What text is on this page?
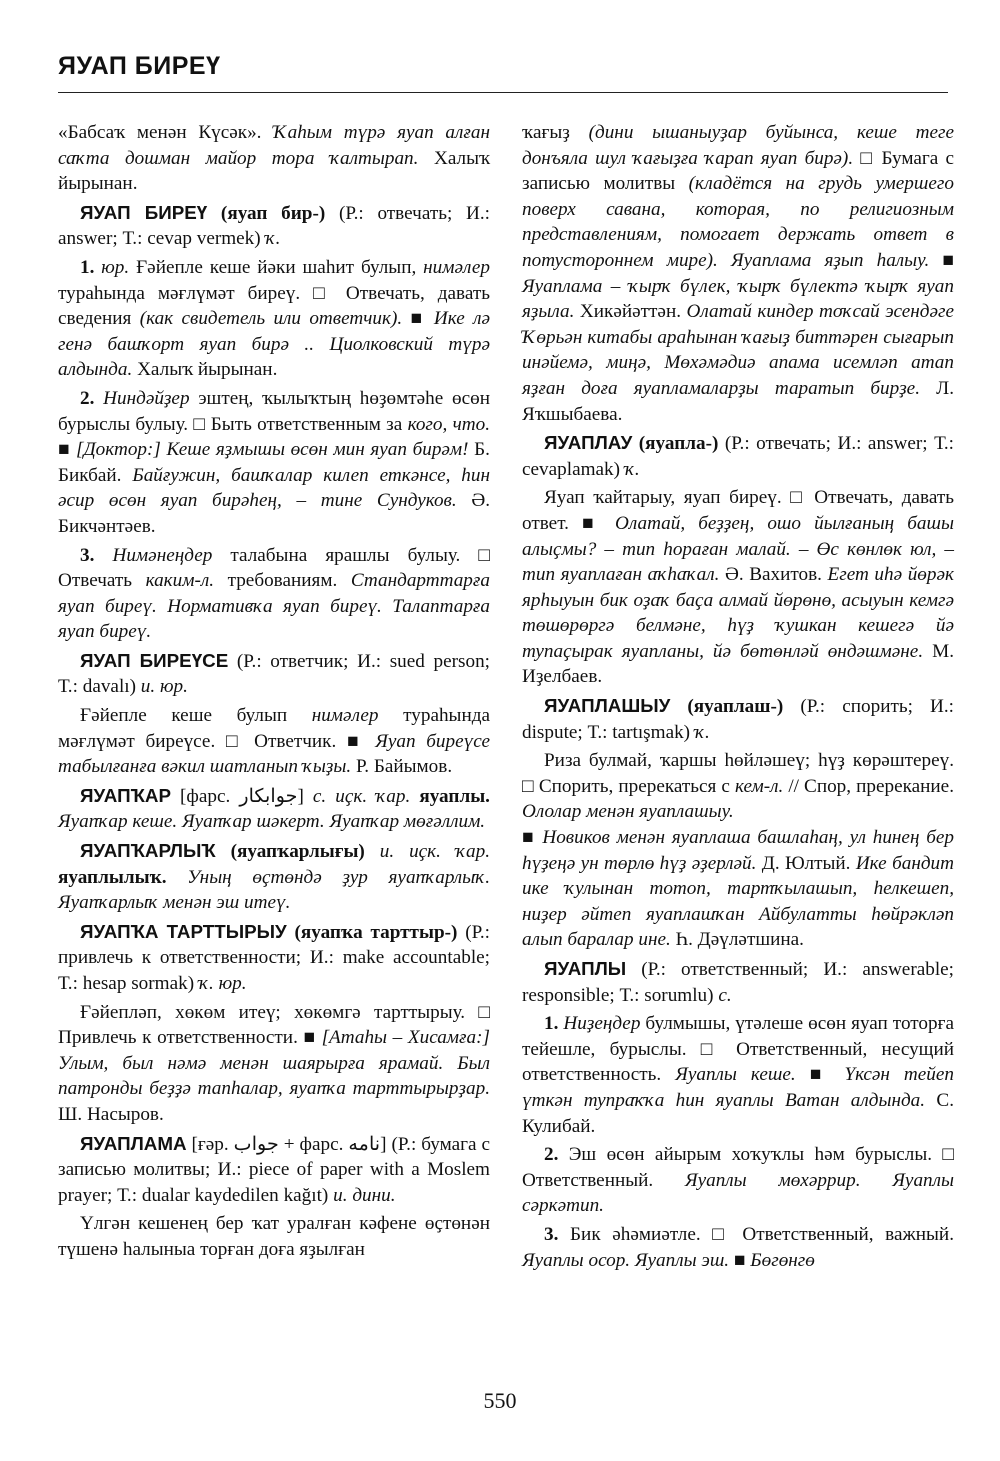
ЯУАП БИРЕҮ

«Бабсаҡ менән Күсәк». Ҡаһым түрә яуап алған саҡта дошман майор тора ҡалтырап. Халыҡ йырынан.

ЯУАП БИРЕҮ (яуап бир-) (Р.: отвечать; И.: answer; Т.: cevap vermek) ҡ.

1. юр. Ғәйепле кеше йәки шаһит булып, нимәлер тураһында мәғлүмәт биреү. □ Отвечать, давать сведения (как свидетель или ответчик). ■ Ике лә генә башҡорт яуап бирә .. Циолковский түрә алдында. Халыҡ йырынан.

2. Ниндәйҙер эштең, ҡылыҡтың һөҙөмтәһе өсөн бурыслы булыу. □ Быть ответственным за кого, что. ■ [Доктор:] Кеше яҙмышы өсөн мин яуап бирәм! Б. Бикбай. Байғужин, башҡалар килеп еткәнсе, һин әсир өсөн яуап бирәһең, – тине Сундуков. Ә. Бикчәнтәев.

3. Нимәнеңдер талабына ярашлы булыу. □ Отвечать каким-л. требованиям. Стандарттарға яуап биреү. Нормативҡа яуап биреү. Талаптарға яуап биреү.

ЯУАП БИРЕҮСЕ (Р.: ответчик; И.: sued person; Т.: davalı) и. юр.

Ғәйепле кеше булып нимәлер тураһында мәғлүмәт биреүсе. □ Ответчик. ■ Яуап биреүсе табылғанға вәкил шатланып ҡыҙы. Р. Байымов.

ЯУАПҠАР [фарс. جوابكار] с. иҫк. ҡар. яуаплы. Яуапҡар кеше. Яуапҡар шәкерт. Яуапҡар мөғәллим.

ЯУАПҠАРЛЫҠ (яуапҡарлығы) и. иҫк. ҡар. яуаплылыҡ. Уның өҫтөндә ҙур яуапҡарлыҡ. Яуапҡарлыҡ менән эш итеү.

ЯУАПҠА ТАРТТЫРЫУ (яуапҡа тарттыр-) (Р.: привлечь к ответственности; И.: make accountable; Т.: hesap sormak) ҡ. юр.

Ғәйепләп, хөкөм итеү; хөкөмгә тарттырыу. □ Привлечь к ответственности. ■ [Атаһы – Хисамға:] Улым, был нәмә менән шаярырға ярамай. Был патронды беҙҙә тапһалар, яуапҡа тарттырырҙар. Ш. Насыров.

ЯУАПЛАМА [ғәр. جواب + фарс. نامه] (Р.: бумага с записью молитвы; И.: piece of paper with a Moslem prayer; Т.: dualar kaydedilen kağıt) и. дини.

Үлгән кешенең бер ҡат уралған кәфене өҫтөнән түшенә һалыныа торған доға яҙылған

ҡағыҙ (дини ышаныуҙар буйынса, кеше теге донъяла шул ҡағыҙға ҡарап яуап бирә). □ Бумага с записью молитвы (кладётся на грудь умершего поверх савана, которая, по религиозным представлениям, помогает держать ответ в потустороннем мире). Яуаплама яҙып һалыу. ■ Яуаплама – ҡырҡ бүлек, ҡырҡ бүлектә ҡырҡ яуап яҙыла. Хикәйәттән. Олатай киндер тоҡсай эсендәге Ҡөрьән китабы араһынан ҡағыҙ биттәрен сығарып инәйемә, миңә, Мөхәмәдиә апама исемләп атап яҙған доға яуапламаларҙы таратып бирҙе. Л. Яҡшыбаева.

ЯУАПЛАУ (яуапла-) (Р.: отвечать; И.: answer; Т.: cevaplamak) ҡ.

Яуап ҡайтарыу, яуап биреү. □ Отвечать, давать ответ. ■ Олатай, беҙҙең, ошо йылғаның башы алыҫмы? – тип һораған малай. – Өс көнлөк юл, – тип яуаплаған аҡһаҡал. Ә. Вахитов. Егет иһә йөрәк ярһыуын бик оҙаҡ баҫа алмай йөрөнө, асыуын кемгә төшөрөргә белмәне, һүҙ ҡушкан кешегә йә тупаҫырак яуапланы, йә бөтөнләй өндәшмәне. М. Иҙелбаев.

ЯУАПЛАШЫУ (яуаплаш-) (Р.: спорить; И.: dispute; Т.: tartışmak) ҡ.

Риза булмай, ҡаршы һөйләшеү; һүҙ көрәштереү. □ Спорить, пререкаться с кем-л. // Спор, пререкание. Ололар менән яуаплашыу.
■ Новиков менән яуаплаша башлаһаң, ул һинең бер һүҙеңә ун төрлө һүҙ әҙерләй. Д. Юлтый. Ике бандит ике ҡулынан тотоп, тартҡылашып, һелкешеп, ниҙер әйтеп яуаплашҡан Айбулатты һөйрәкләп алып баралар ине. Һ. Дәүләтшина.

ЯУАПЛЫ (Р.: ответственный; И.: answerable; responsible; Т.: sorumlu) с.

1. Ниҙеңдер булмышы, үтәлеше өсөн яуап тоторға тейешле, бурыслы. □ Ответственный, несущий ответственность. Яуаплы кеше. ■ Үксән тейеп үткән тупраҡҡа һин яуаплы Ватан алдында. С. Кулибай.

2. Эш өсөн айырым хоҡуҡлы һәм бурыслы. □ Ответственный. Яуаплы мөхәррир. Яуаплы сәркәтип.

3. Бик әһәмиәтле. □ Ответственный, важный. Яуаплы осор. Яуаплы эш. ■ Бөгөнгө

550
